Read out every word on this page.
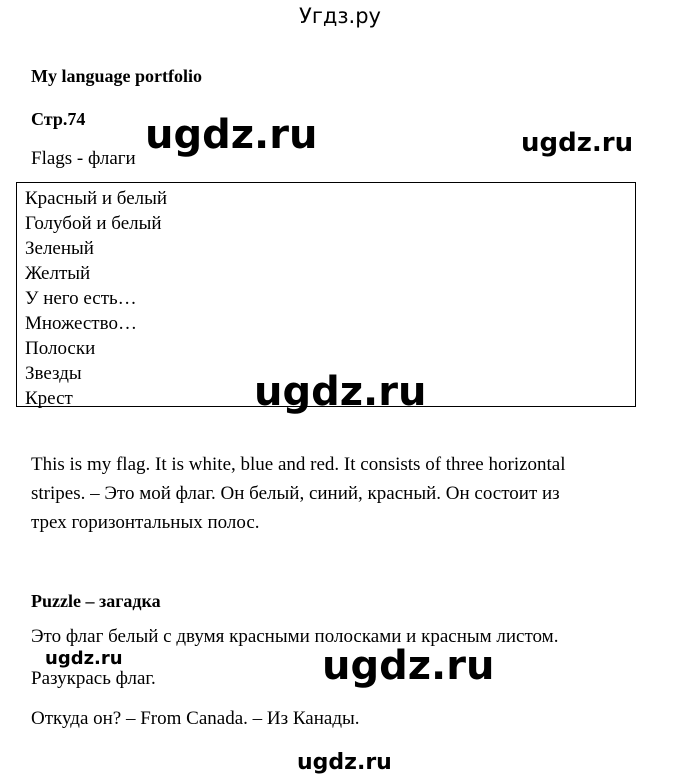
Угдз.ру
My language portfolio
Стр.74
Flags - флаги
ugdz.ru	ugdz.ru
Красный и белый
Голубой и белый
Зеленый
Желтый
У него есть…
Множество…
Полоски
Звезды
Крест	ugdz.ru
This is my flag. It is white, blue and red. It consists of three horizontal
stripes. – Это мой флаг. Он белый, синий, красный. Он состоит из
трех горизонтальных полос.
Puzzle – загадка
Это флаг белый с двумя красными полосками и красным листом.
ugdz.ru	ugdz.ru
Разукрась флаг.
Откуда он? – From Canada. – Из Канады.
ugdz.ru
